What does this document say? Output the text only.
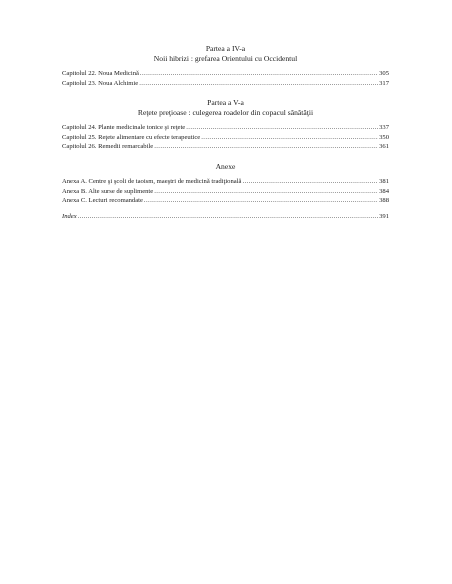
Partea a IV-a

Noii hibrizi : grefarea Orientului cu Occidentul

Capitolul 22. Noua Medicină .....	305
Capitolul 23. Noua Alchimie .....	317

Partea a V-a

Reţete preţioase : culegerea roadelor din copacul sănătăţii

Capitolul 24. Plante medicinale tonice şi reţete .....	337
Capitolul 25. Reţete alimentare cu efecte terapeutice .....	350
Capitolul 26. Remedii remarcabile .....	361

Anexe

Anexa A. Centre şi şcoli de taoism, maeştri de medicină tradiţională .....	381
Anexa B. Alte surse de suplimente .....	384
Anexa C. Lecturi recomandate .....	388
Index .....	391
